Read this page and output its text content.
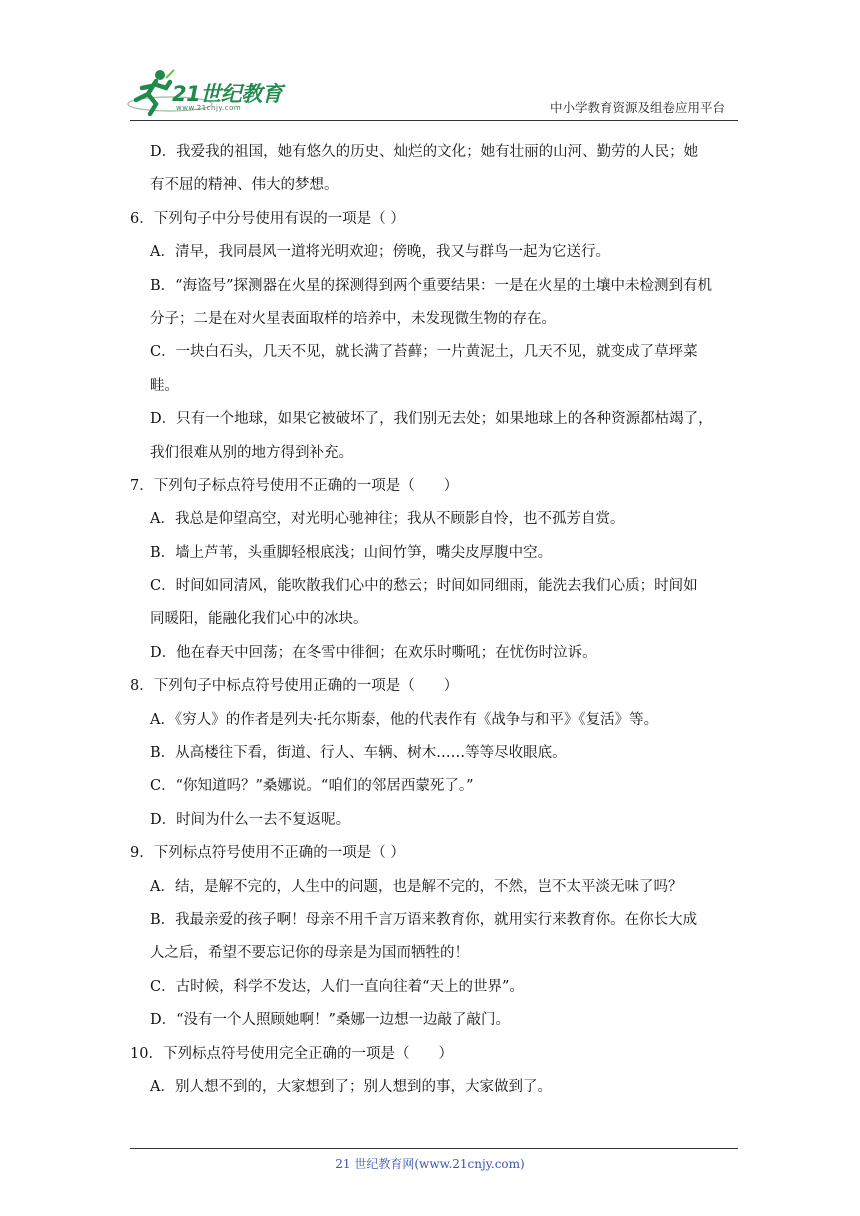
21世纪教育
www.21cnjy.com	中小学教育资源及组卷应用平台
D．我爱我的祖国，她有悠久的历史、灿烂的文化；她有壮丽的山河、勤劳的人民；她
有不屈的精神、伟大的梦想。
6．下列句子中分号使用有误的一项是（ ）
A．清早，我同晨风一道将光明欢迎；傍晚，我又与群鸟一起为它送行。
B．“海盗号”探测器在火星的探测得到两个重要结果：一是在火星的土壤中未检测到有机
分子；二是在对火星表面取样的培养中，未发现微生物的存在。
C．一块白石头，几天不见，就长满了苔藓；一片黄泥土，几天不见，就变成了草坪菜
畦。
D．只有一个地球，如果它被破坏了，我们别无去处；如果地球上的各种资源都枯竭了，
我们很难从别的地方得到补充。
7．下列句子标点符号使用不正确的一项是（　　）
A．我总是仰望高空，对光明心驰神往；我从不顾影自怜，也不孤芳自赏。
B．墙上芦苇，头重脚轻根底浅；山间竹笋，嘴尖皮厚腹中空。
C．时间如同清风，能吹散我们心中的愁云；时间如同细雨，能洗去我们心质；时间如
同暖阳，能融化我们心中的冰块。
D．他在春天中回荡；在冬雪中徘徊；在欢乐时嘶吼；在忧伤时泣诉。
8．下列句子中标点符号使用正确的一项是（　　）
A．《穷人》的作者是列夫·托尔斯泰，他的代表作有《战争与和平》《复活》等。
B．从高楼往下看，街道、行人、车辆、树木……等等尽收眼底。
C．“你知道吗？”桑娜说。“咱们的邻居西蒙死了。”
D．时间为什么一去不复返呢。
9．下列标点符号使用不正确的一项是（ ）
A．结，是解不完的，人生中的问题，也是解不完的，不然，岂不太平淡无味了吗？
B．我最亲爱的孩子啊！母亲不用千言万语来教育你，就用实行来教育你。在你长大成
人之后，希望不要忘记你的母亲是为国而牺牲的！
C．古时候，科学不发达，人们一直向往着“天上的世界”。
D．“没有一个人照顾她啊！”桑娜一边想一边敲了敲门。
10．下列标点符号使用完全正确的一项是（　　）
A．别人想不到的，大家想到了；别人想到的事，大家做到了。
21 世纪教育网(www.21cnjy.com)
